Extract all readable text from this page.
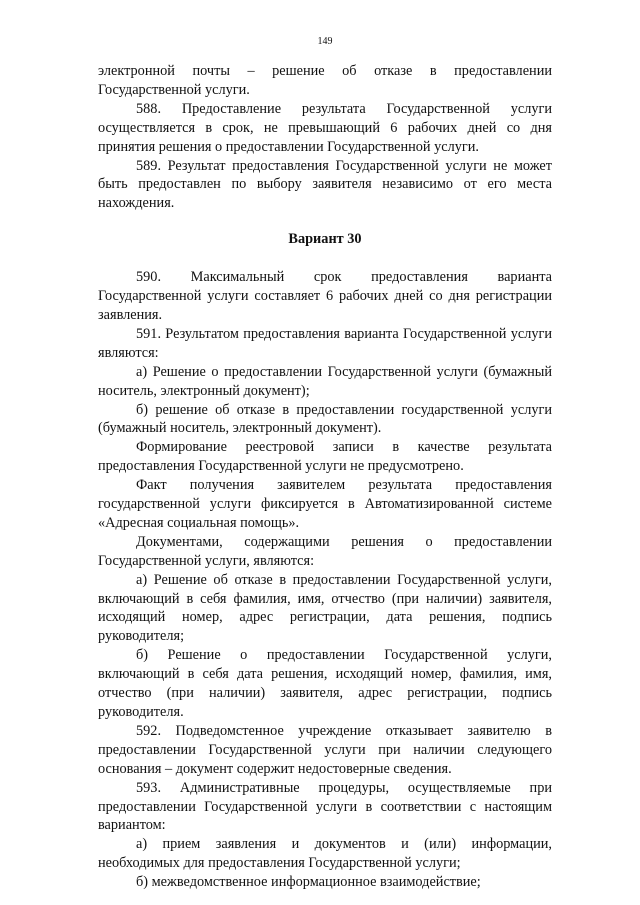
149

электронной почты – решение об отказе в предоставлении Государственной услуги.

588. Предоставление результата Государственной услуги осуществляется в срок, не превышающий 6 рабочих дней со дня принятия решения о предоставлении Государственной услуги.

589. Результат предоставления Государственной услуги не может быть предоставлен по выбору заявителя независимо от его места нахождения.

Вариант 30

590. Максимальный срок предоставления варианта Государственной услуги составляет 6 рабочих дней со дня регистрации заявления.

591. Результатом предоставления варианта Государственной услуги являются:

а) Решение о предоставлении Государственной услуги (бумажный носитель, электронный документ);

б) решение об отказе в предоставлении государственной услуги (бумажный носитель, электронный документ).

Формирование реестровой записи в качестве результата предоставления Государственной услуги не предусмотрено.

Факт получения заявителем результата предоставления государственной услуги фиксируется в Автоматизированной системе «Адресная социальная помощь».

Документами, содержащими решения о предоставлении Государственной услуги, являются:

а) Решение об отказе в предоставлении Государственной услуги, включающий в себя фамилия, имя, отчество (при наличии) заявителя, исходящий номер, адрес регистрации, дата решения, подпись руководителя;

б) Решение о предоставлении Государственной услуги, включающий в себя дата решения, исходящий номер, фамилия, имя, отчество (при наличии) заявителя, адрес регистрации, подпись руководителя.

592. Подведомстенное учреждение отказывает заявителю в предоставлении Государственной услуги при наличии следующего основания – документ содержит недостоверные сведения.

593. Административные процедуры, осуществляемые при предоставлении Государственной услуги в соответствии с настоящим вариантом:

а) прием заявления и документов и (или) информации, необходимых для предоставления Государственной услуги;

б) межведомственное информационное взаимодействие;
